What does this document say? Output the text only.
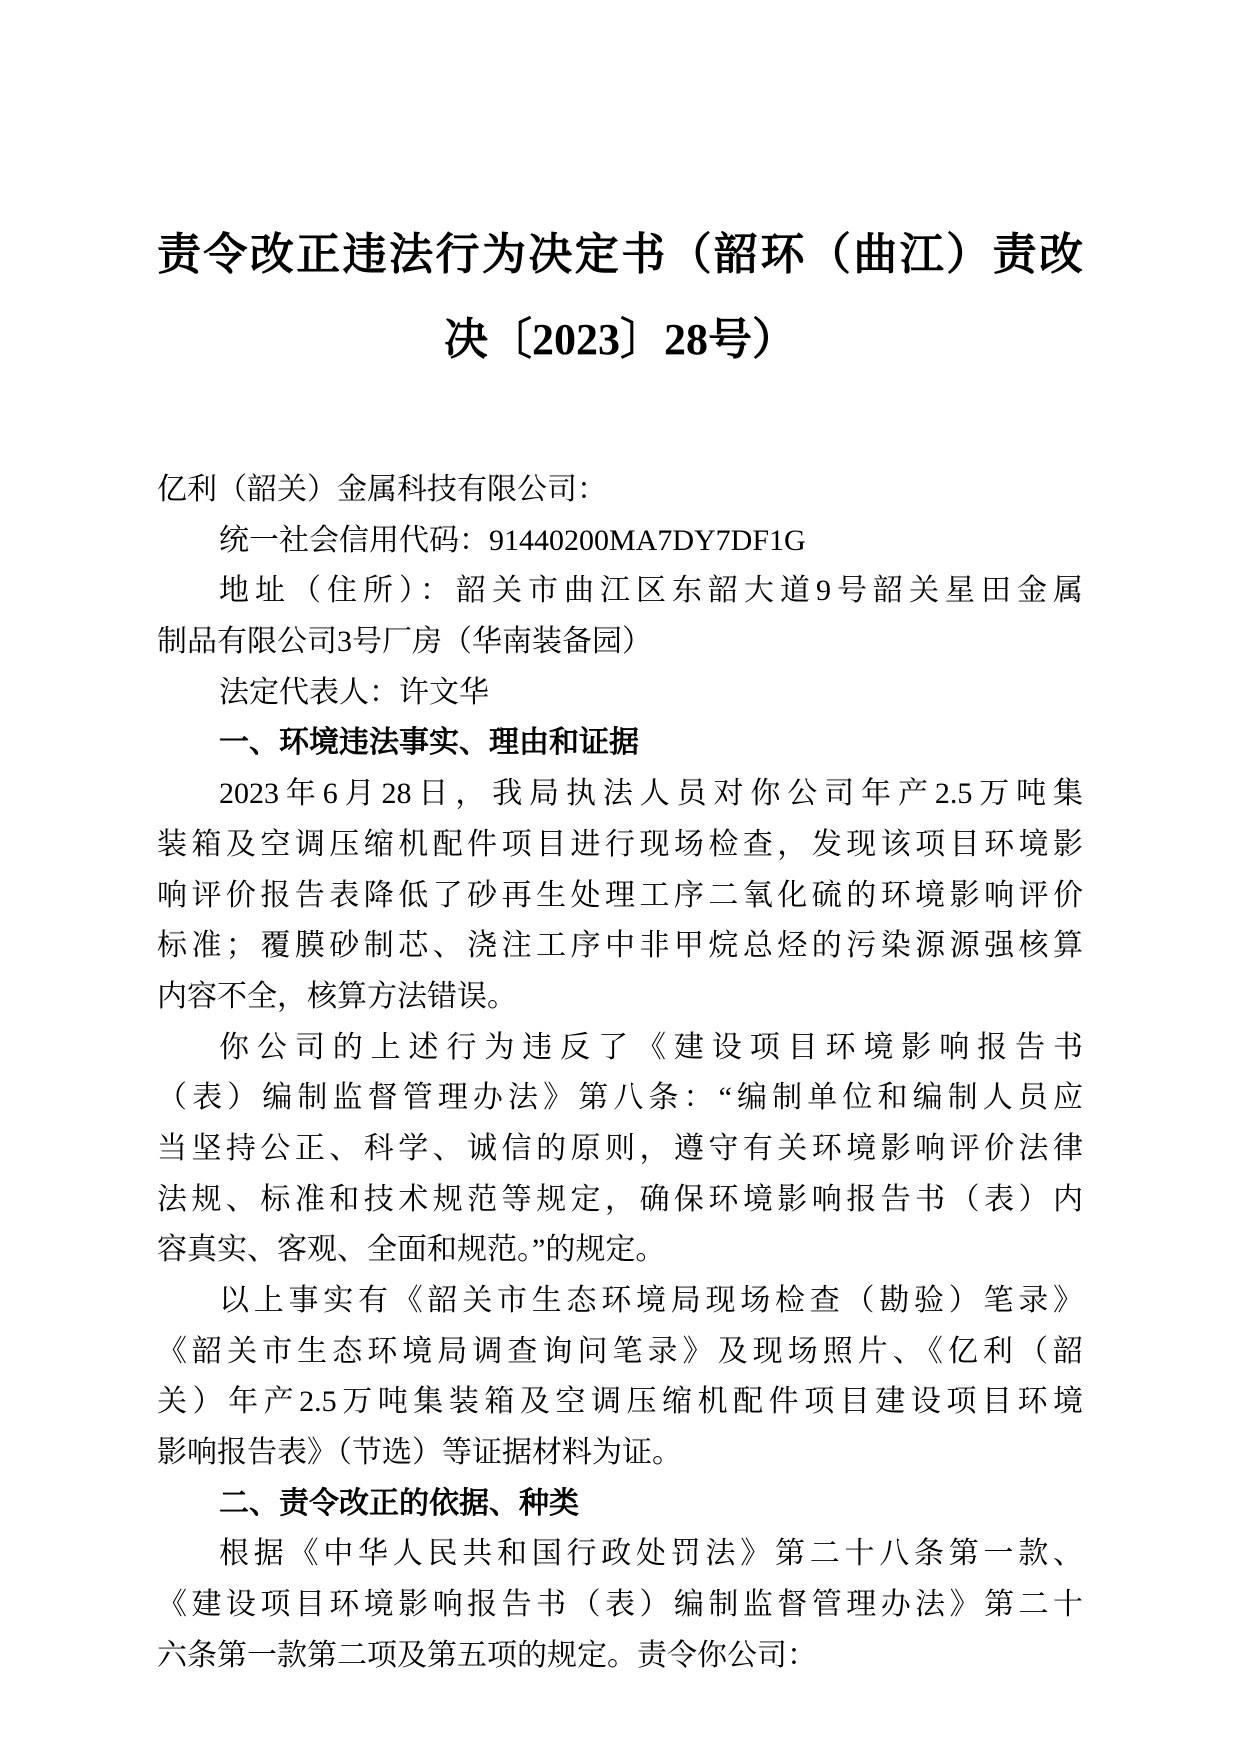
责令改正违法行为决定书（韶环（曲江）责改
决〔2023〕28号）
亿利（韶关）金属科技有限公司：
统一社会信用代码：91440200MA7DY7DF1G
地址（住所）：韶关市曲江区东韶大道9号韶关星田金属
制品有限公司3号厂房（华南装备园）
法定代表人：许文华
一、环境违法事实、理由和证据
2023年6月28日，我局执法人员对你公司年产2.5万吨集
装箱及空调压缩机配件项目进行现场检查，发现该项目环境影
响评价报告表降低了砂再生处理工序二氧化硫的环境影响评价
标准；覆膜砂制芯、浇注工序中非甲烷总烃的污染源源强核算
内容不全，核算方法错误。
你公司的上述行为违反了《建设项目环境影响报告书
（表）编制监督管理办法》第八条：“编制单位和编制人员应
当坚持公正、科学、诚信的原则，遵守有关环境影响评价法律
法规、标准和技术规范等规定，确保环境影响报告书（表）内
容真实、客观、全面和规范。”的规定。
以上事实有《韶关市生态环境局现场检查（勘验）笔录》
《韶关市生态环境局调查询问笔录》及现场照片、《亿利（韶
关）年产2.5万吨集装箱及空调压缩机配件项目建设项目环境
影响报告表》（节选）等证据材料为证。
二、责令改正的依据、种类
根据《中华人民共和国行政处罚法》第二十八条第一款、
《建设项目环境影响报告书（表）编制监督管理办法》第二十
六条第一款第二项及第五项的规定。责令你公司：
